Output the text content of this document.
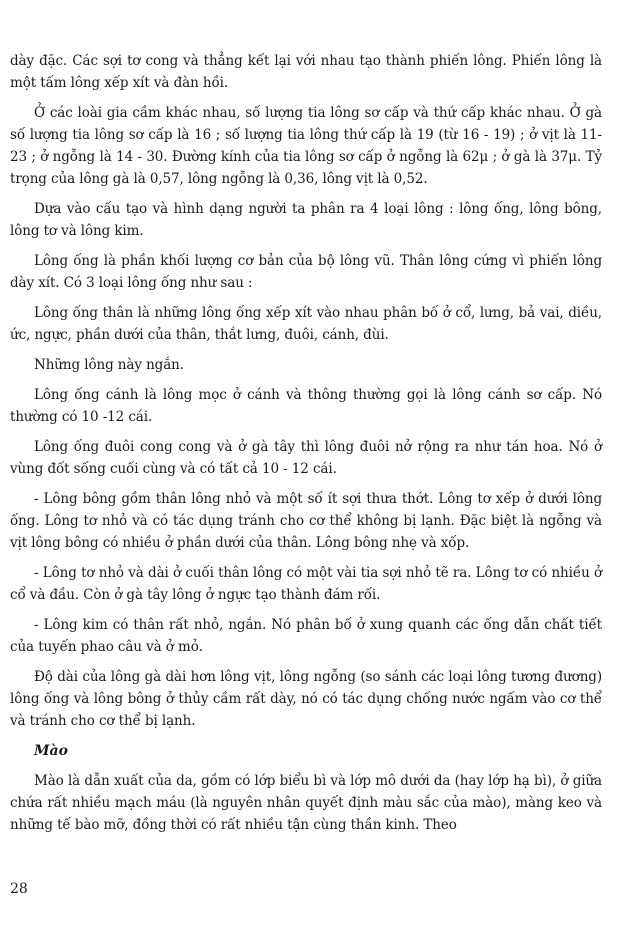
dày đặc. Các sợi tơ cong và thẳng kết lại với nhau tạo thành phiến lông. Phiến lông là một tấm lông xếp xít và đàn hồi.

Ở các loài gia cầm khác nhau, số lượng tia lông sơ cấp và thứ cấp khác nhau. Ở gà số lượng tia lông sơ cấp là 16 ; số lượng tia lông thứ cấp là 19 (từ 16 - 19) ; ở vịt là 11- 23 ; ở ngỗng là 14 - 30. Đường kính của tia lông sơ cấp ở ngỗng là 62μ ; ở gà là 37μ. Tỷ trọng của lông gà là 0,57, lông ngỗng là 0,36, lông vịt là 0,52.

Dựa vào cấu tạo và hình dạng người ta phân ra 4 loại lông : lông ống, lông bông, lông tơ và lông kim.

Lông ống là phần khối lượng cơ bản của bộ lông vũ. Thân lông cứng vì phiến lông dày xít. Có 3 loại lông ống như sau :

Lông ống thân là những lông ống xếp xít vào nhau phân bố ở cổ, lưng, bả vai, diều, ức, ngực, phần dưới của thân, thắt lưng, đuôi, cánh, đùi.

Những lông này ngắn.

Lông ống cánh là lông mọc ở cánh và thông thường gọi là lông cánh sơ cấp. Nó thường có 10 -12 cái.

Lông ống đuôi cong cong và ở gà tây thì lông đuôi nở rộng ra như tán hoa. Nó ở vùng đốt sống cuối cùng và có tất cả 10 - 12 cái.

- Lông bông gồm thân lông nhỏ và một số ít sợi thưa thớt. Lông tơ xếp ở dưới lông ống. Lông tơ nhỏ và có tác dụng tránh cho cơ thể không bị lạnh. Đặc biệt là ngỗng và vịt lông bông có nhiều ở phần dưới của thân. Lông bông nhẹ và xốp.

- Lông tơ nhỏ và dài ở cuối thân lông có một vài tia sợi nhỏ tẽ ra. Lông tơ có nhiều ở cổ và đầu. Còn ở gà tây lông ở ngực tạo thành đám rối.

- Lông kim có thân rất nhỏ, ngắn. Nó phân bố ở xung quanh các ống dẫn chất tiết của tuyến phao câu và ở mỏ.

Độ dài của lông gà dài hơn lông vịt, lông ngỗng (so sánh các loại lông tương đương) lông ống và lông bông ở thủy cầm rất dày, nó có tác dụng chống nước ngấm vào cơ thể và tránh cho cơ thể bị lạnh.

Mào

Mào là dẫn xuất của da, gồm có lớp biểu bì và lớp mô dưới da (hay lớp hạ bì), ở giữa chứa rất nhiều mạch máu (là nguyên nhân quyết định màu sắc của mào), màng keo và những tế bào mỡ, đồng thời có rất nhiều tận cùng thần kinh. Theo

28
